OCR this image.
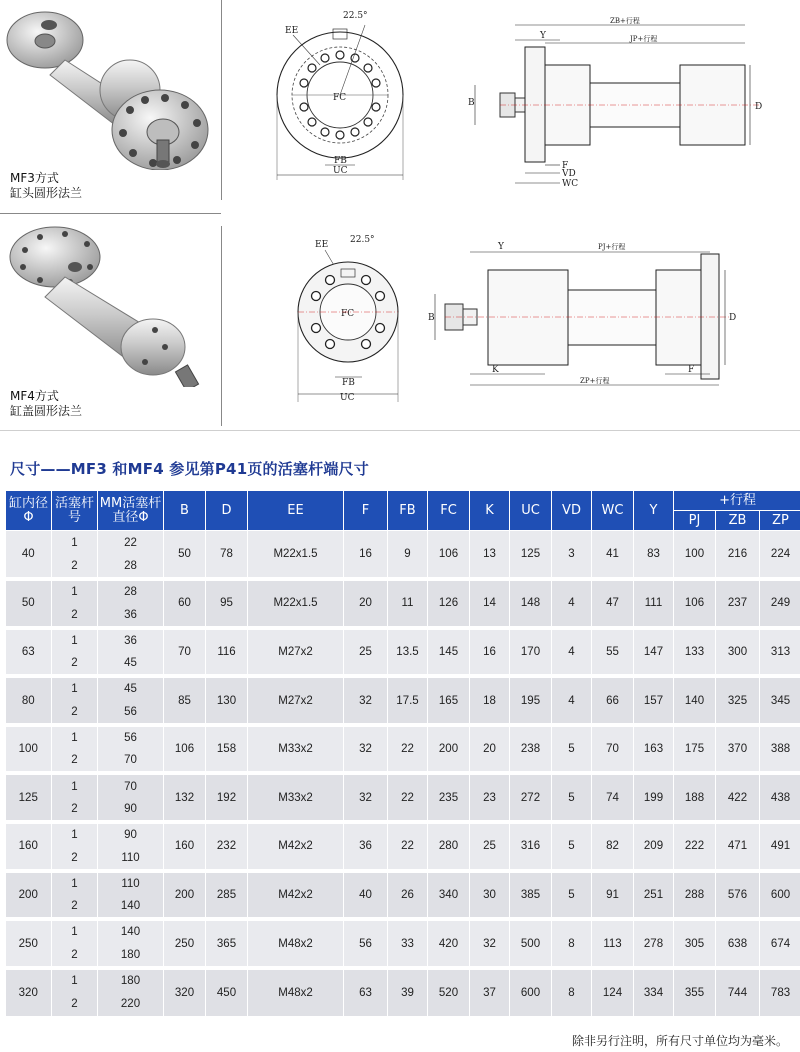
EE
22.5°
FC
FB
UC
ZB+行程
Y	JP+行程
B	D
F
VD
WC
MF3方式
缸头圆形法兰
EE 22.5°
FC
FB
UC
Y	PJ+行程
B	D
K	F
ZP+行程
MF4方式
缸盖圆形法兰
尺寸——MF3 和MF4 参见第P41页的活塞杆端尺寸
缸内径 Φ	活塞杆号	MM活塞杆直径Φ	B	D	EE	F	FB	FC	K	UC	VD	WC	Y	+行程		
														PJ	ZB	ZP
40	1	22	50	78	M22x1.5	16	9	106	13	125	3	41	83	100	216	224
	2	28														
50	1	28	60	95	M22x1.5	20	11	126	14	148	4	47	111	106	237	249
	2	36														
63	1	36	70	116	M27x2	25	13.5	145	16	170	4	55	147	133	300	313
	2	45														
80	1	45	85	130	M27x2	32	17.5	165	18	195	4	66	157	140	325	345
	2	56														
100	1	56	106	158	M33x2	32	22	200	20	238	5	70	163	175	370	388
	2	70														
125	1	70	132	192	M33x2	32	22	235	23	272	5	74	199	188	422	438
	2	90														
160	1	90	160	232	M42x2	36	22	280	25	316	5	82	209	222	471	491
	2	110														
200	1	110	200	285	M42x2	40	26	340	30	385	5	91	251	288	576	600
	2	140														
250	1	140	250	365	M48x2	56	33	420	32	500	8	113	278	305	638	674
	2	180														
320	1	180	320	450	M48x2	63	39	520	37	600	8	124	334	355	744	783
	2	220														
除非另行注明，所有尺寸单位均为毫米。
